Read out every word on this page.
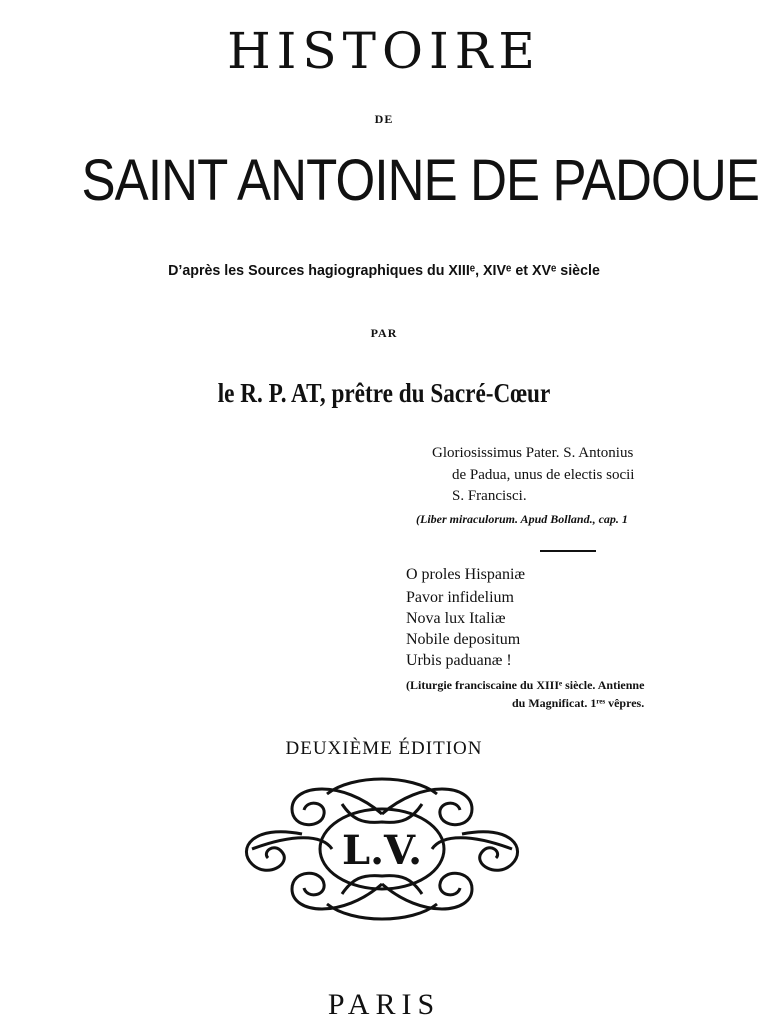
HISTOIRE
DE
SAINT ANTOINE DE PADOUE
D’après les Sources hagiographiques du XIIIᵉ, XIVᵉ et XVᵉ siècle
PAR
le R. P. AT, prêtre du Sacré-Cœur
Gloriosissimus Pater. S. Antonius
de Padua, unus de electis socii
S. Francisci.
(Liber miraculorum. Apud Bolland., cap. 1
O proles Hispaniæ
Pavor infidelium
Nova lux Italiæ
Nobile depositum
Urbis paduanæ !
(Liturgie franciscaine du XIIIᵉ siècle. Antienne
du Magnificat. 1ʳᵉˢ vêpres.
DEUXIÈME ÉDITION
L.V.
PARIS
